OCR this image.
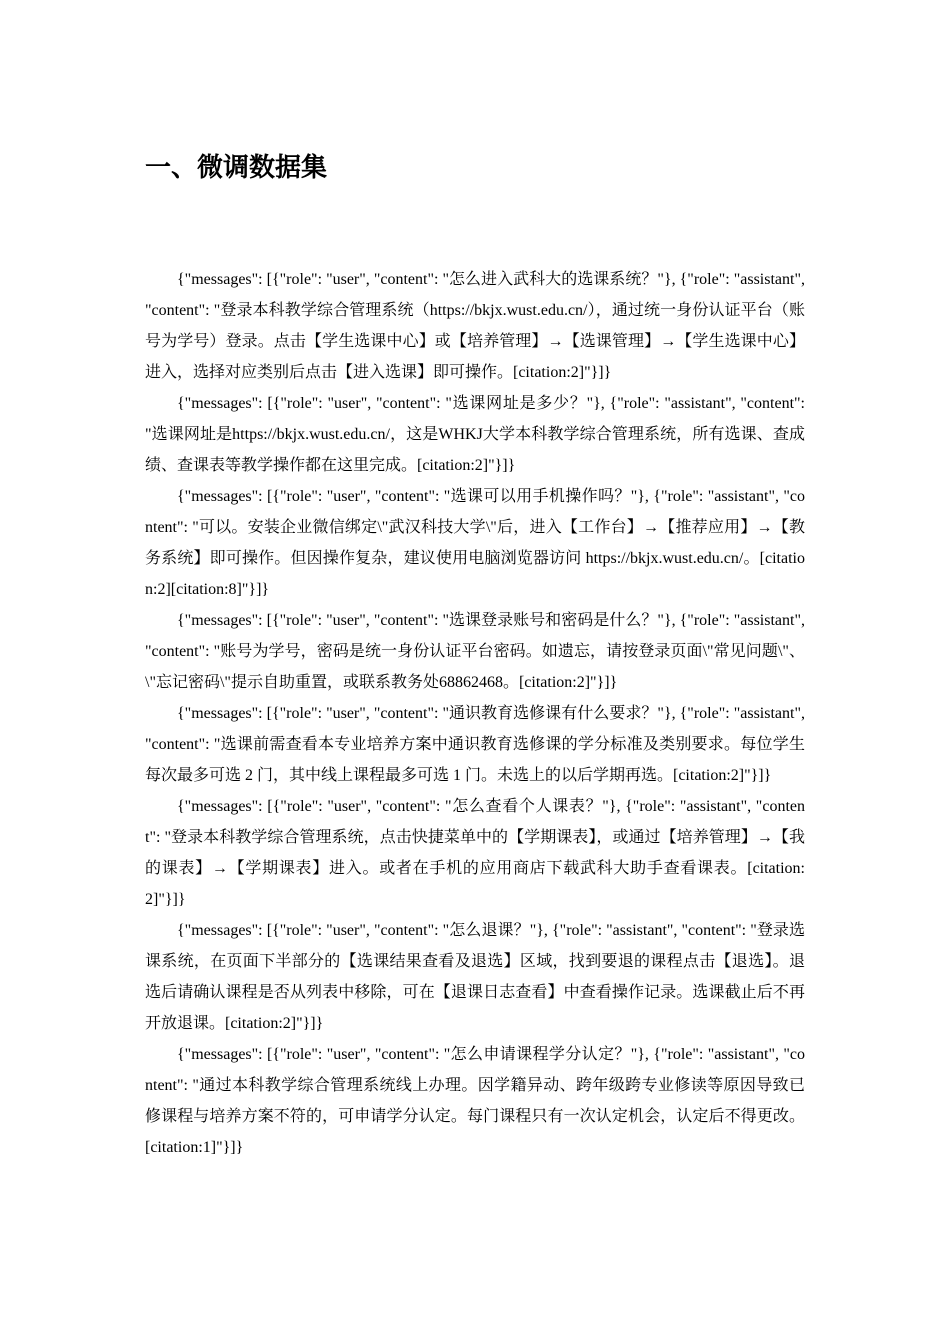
一、微调数据集

{"messages": [{"role": "user", "content": "怎么进入武科大的选课系统？"}, {"role": "assistant", "content": "登录本科教学综合管理系统（https://bkjx.wust.edu.cn/），通过统一身份认证平台（账号为学号）登录。点击【学生选课中心】或【培养管理】→【选课管理】→【学生选课中心】进入，选择对应类别后点击【进入选课】即可操作。[citation:2]"}]}

{"messages": [{"role": "user", "content": "选课网址是多少？"}, {"role": "assistant", "content": "选课网址是https://bkjx.wust.edu.cn/，这是WHKJ大学本科教学综合管理系统，所有选课、查成绩、查课表等教学操作都在这里完成。[citation:2]"}]}

{"messages": [{"role": "user", "content": "选课可以用手机操作吗？"}, {"role": "assistant", "content": "可以。安装企业微信绑定\"武汉科技大学\"后，进入【工作台】→【推荐应用】→【教务系统】即可操作。但因操作复杂，建议使用电脑浏览器访问 https://bkjx.wust.edu.cn/。[citation:2][citation:8]"}]}

{"messages": [{"role": "user", "content": "选课登录账号和密码是什么？"}, {"role": "assistant", "content": "账号为学号，密码是统一身份认证平台密码。如遗忘，请按登录页面\"常见问题\"、\"忘记密码\"提示自助重置，或联系教务处68862468。[citation:2]"}]}

{"messages": [{"role": "user", "content": "通识教育选修课有什么要求？"}, {"role": "assistant", "content": "选课前需查看本专业培养方案中通识教育选修课的学分标准及类别要求。每位学生每次最多可选 2 门，其中线上课程最多可选 1 门。未选上的以后学期再选。[citation:2]"}]}

{"messages": [{"role": "user", "content": "怎么查看个人课表？"}, {"role": "assistant", "content": "登录本科教学综合管理系统，点击快捷菜单中的【学期课表】，或通过【培养管理】→【我的课表】→【学期课表】进入。或者在手机的应用商店下载武科大助手查看课表。[citation:2]"}]}

{"messages": [{"role": "user", "content": "怎么退课？"}, {"role": "assistant", "content": "登录选课系统，在页面下半部分的【选课结果查看及退选】区域，找到要退的课程点击【退选】。退选后请确认课程是否从列表中移除，可在【退课日志查看】中查看操作记录。选课截止后不再开放退课。[citation:2]"}]}

{"messages": [{"role": "user", "content": "怎么申请课程学分认定？"}, {"role": "assistant", "content": "通过本科教学综合管理系统线上办理。因学籍异动、跨年级跨专业修读等原因导致已修课程与培养方案不符的，可申请学分认定。每门课程只有一次认定机会，认定后不得更改。[citation:1]"}]}
